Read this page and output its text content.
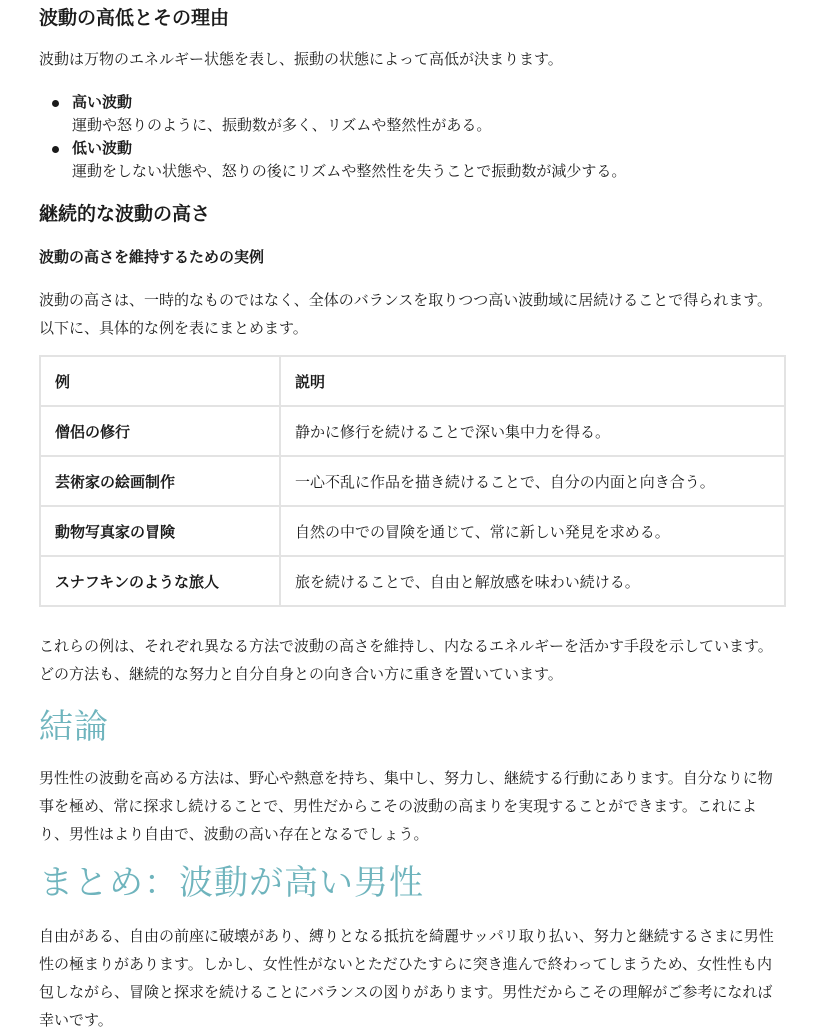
波動の高低とその理由

波動は万物のエネルギー状態を表し、振動の状態によって高低が決まります。

高い波動
運動や怒りのように、振動数が多く、リズムや整然性がある。
低い波動
運動をしない状態や、怒りの後にリズムや整然性を失うことで振動数が減少する。
継続的な波動の高さ
波動の高さを維持するための実例

波動の高さは、一時的なものではなく、全体のバランスを取りつつ高い波動域に居続けることで得られます。以下に、具体的な例を表にまとめます。

例	説明
僧侶の修行	静かに修行を続けることで深い集中力を得る。
芸術家の絵画制作	一心不乱に作品を描き続けることで、自分の内面と向き合う。
動物写真家の冒険	自然の中での冒険を通じて、常に新しい発見を求める。
スナフキンのような旅人	旅を続けることで、自由と解放感を味わい続ける。

これらの例は、それぞれ異なる方法で波動の高さを維持し、内なるエネルギーを活かす手段を示しています。どの方法も、継続的な努力と自分自身との向き合い方に重きを置いています。

結論

男性性の波動を高める方法は、野心や熱意を持ち、集中し、努力し、継続する行動にあります。自分なりに物事を極め、常に探求し続けることで、男性だからこその波動の高まりを実現することができます。これにより、男性はより自由で、波動の高い存在となるでしょう。

まとめ：波動が高い男性

自由がある、自由の前座に破壊があり、縛りとなる抵抗を綺麗サッパリ取り払い、努力と継続するさまに男性性の極まりがあります。しかし、女性性がないとただひたすらに突き進んで終わってしまうため、女性性も内包しながら、冒険と探求を続けることにバランスの図りがあります。男性だからこその理解がご参考になれば幸いです。
